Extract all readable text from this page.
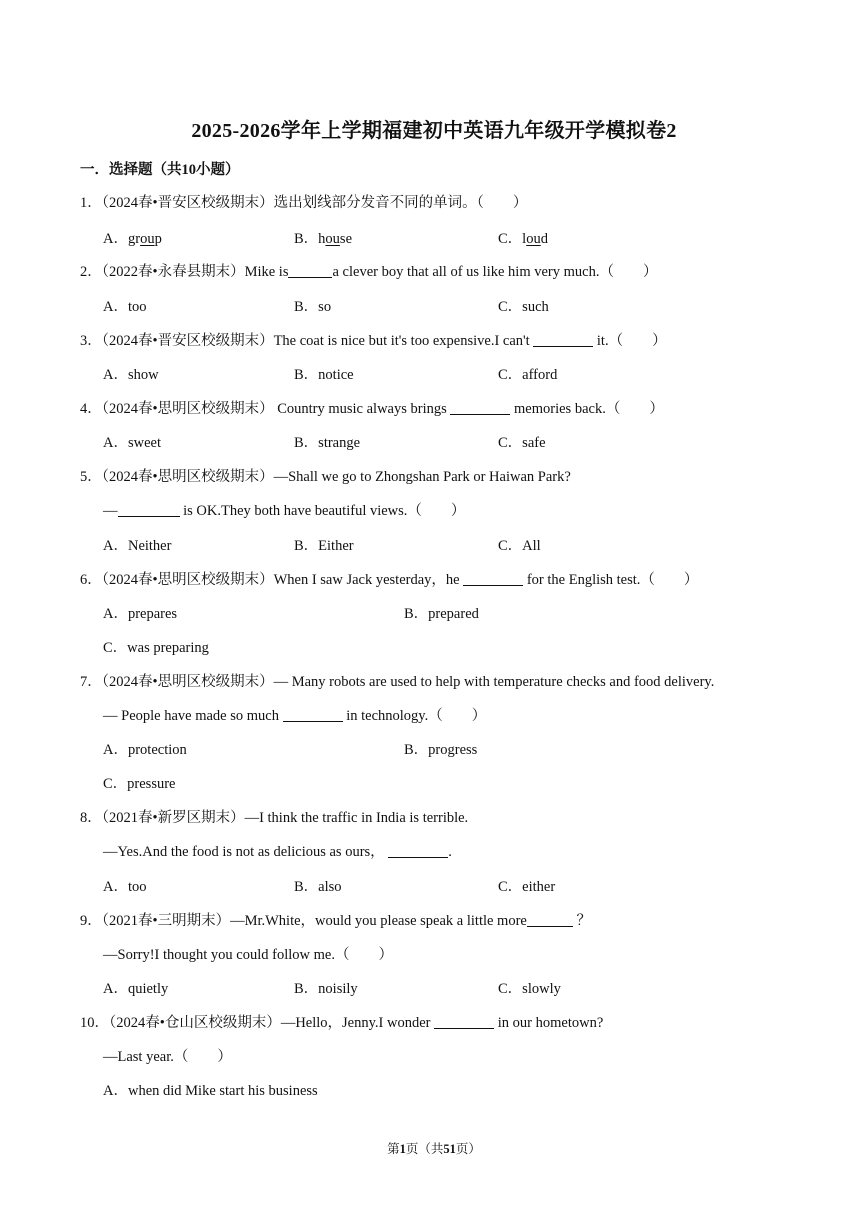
2025-2026学年上学期福建初中英语九年级开学模拟卷2
一．选择题（共10小题）
1．（2024春•晋安区校级期末）选出划线部分发音不同的单词。（　　）
A．group	B．house	C．loud
2．（2022春•永春县期末）Mike is	a clever boy that all of us like him very much.（　　）
A．too	B．so	C．such
3．（2024春•晋安区校级期末）The coat is nice but it's too expensive.I can't	it.（　　）
A．show	B．notice	C．afford
4．（2024春•思明区校级期末） Country music always brings	memories back.（　　）
A．sweet	B．strange	C．safe
5．（2024春•思明区校级期末）—Shall we go to Zhongshan Park or Haiwan Park?
—	is OK.They both have beautiful views.（　　）
A．Neither	B．Either	C．All
6．（2024春•思明区校级期末）When I saw Jack yesterday，he	for the English test.（　　）
A．prepares	B．prepared
C．was preparing
7．（2024春•思明区校级期末）— Many robots are used to help with temperature checks and food delivery.
— People have made so much	in technology.（　　）
A．protection	B．progress
C．pressure
8．（2021春•新罗区期末）—I think the traffic in India is terrible.
—Yes.And the food is not as delicious as ours，	.
A．too	B．also	C．either
9．（2021春•三明期末）—Mr.White，would you please speak a little more	？
—Sorry!I thought you could follow me.（　　）
A．quietly	B．noisily	C．slowly
10．（2024春•仓山区校级期末）—Hello，Jenny.I wonder	in our hometown?
—Last year.（　　）
A．when did Mike start his business
第1页（共51页）
